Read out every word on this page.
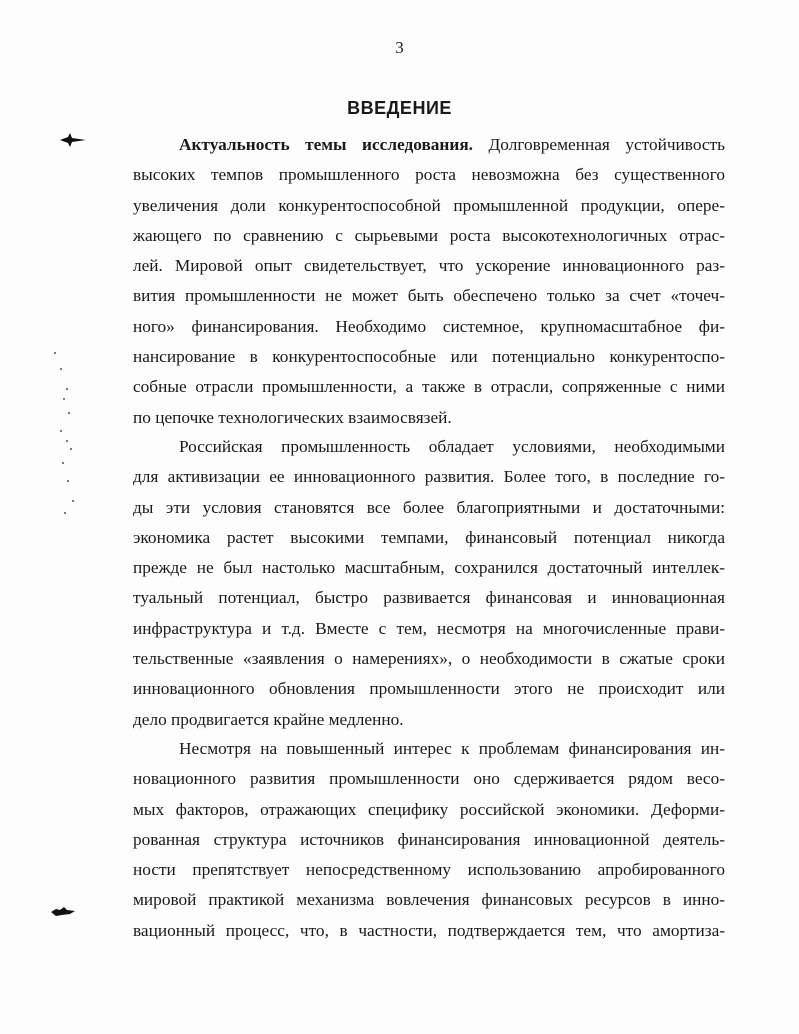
3
ВВЕДЕНИЕ
Актуальность темы исследования. Долговременная устойчивость
высоких темпов промышленного роста невозможна без существенного
увеличения доли конкурентоспособной промышленной продукции, опере-
жающего по сравнению с сырьевыми роста высокотехнологичных отрас-
лей. Мировой опыт свидетельствует, что ускорение инновационного раз-
вития промышленности не может быть обеспечено только за счет «точеч-
ного» финансирования. Необходимо системное, крупномасштабное фи-
нансирование в конкурентоспособные или потенциально конкурентоспо-
собные отрасли промышленности, а также в отрасли, сопряженные с ними
по цепочке технологических взаимосвязей.
Российская промышленность обладает условиями, необходимыми
для активизации ее инновационного развития. Более того, в последние го-
ды эти условия становятся все более благоприятными и достаточными:
экономика растет высокими темпами, финансовый потенциал никогда
прежде не был настолько масштабным, сохранился достаточный интеллек-
туальный потенциал, быстро развивается финансовая и инновационная
инфраструктура и т.д. Вместе с тем, несмотря на многочисленные прави-
тельственные «заявления о намерениях», о необходимости в сжатые сроки
инновационного обновления промышленности этого не происходит или
дело продвигается крайне медленно.
Несмотря на повышенный интерес к проблемам финансирования ин-
новационного развития промышленности оно сдерживается рядом весо-
мых факторов, отражающих специфику российской экономики. Деформи-
рованная структура источников финансирования инновационной деятель-
ности препятствует непосредственному использованию апробированного
мировой практикой механизма вовлечения финансовых ресурсов в инно-
вационный процесс, что, в частности, подтверждается тем, что амортиза-
